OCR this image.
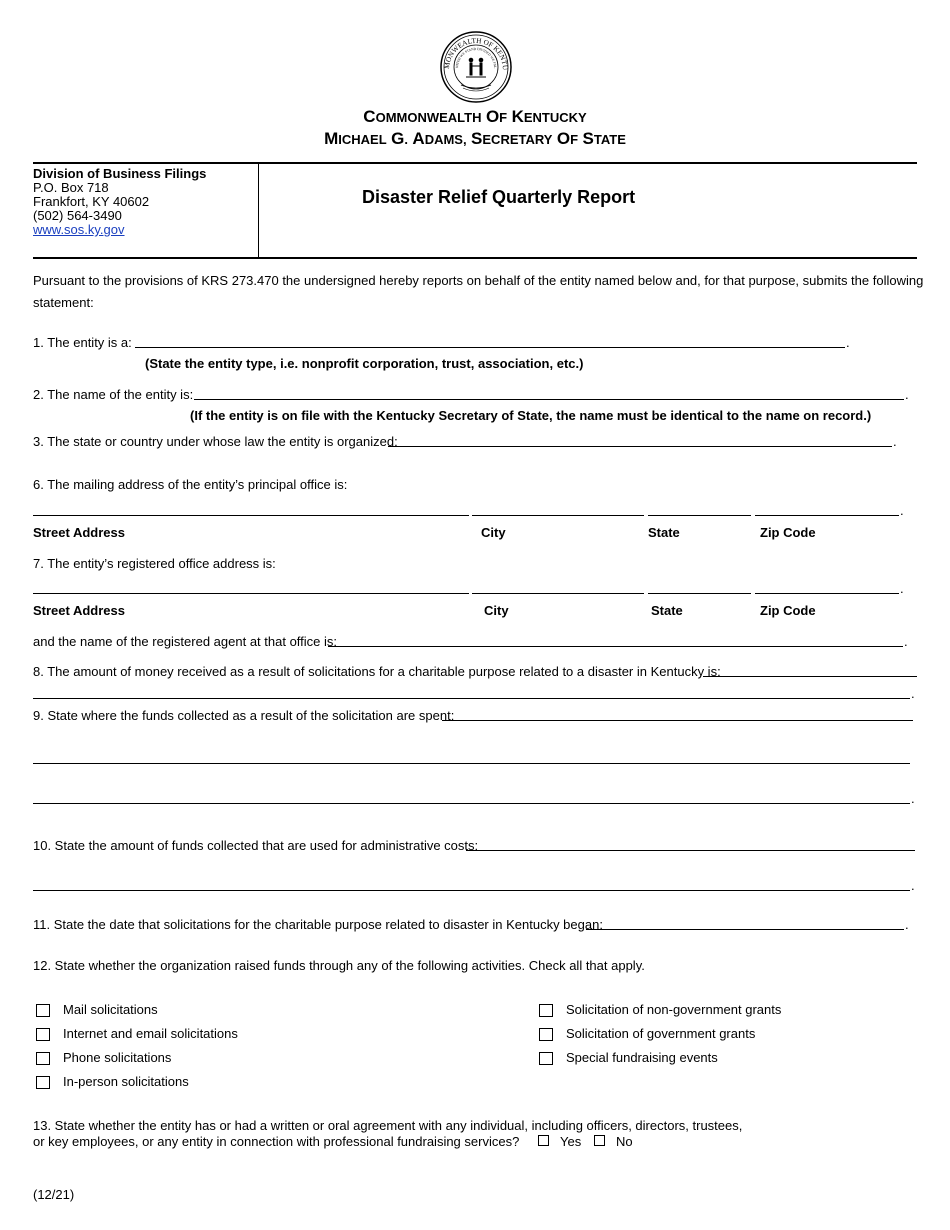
MONWEALTH OF KENTU
NITED WE STAND DIVIDED WE FAL
COMMONWEALTH OF KENTUCKY
MICHAEL G. ADAMS, SECRETARY OF STATE
Division of Business Filings
P.O. Box 718
Frankfort, KY 40602
(502) 564-3490
www.sos.ky.gov
Disaster Relief Quarterly Report
Pursuant to the provisions of KRS 273.470 the undersigned hereby reports on behalf of the entity named below and, for that purpose, submits the following
statement:
1. The entity is a:	.
(State the entity type, i.e. nonprofit corporation, trust, association, etc.)
2. The name of the entity is:	.
(If the entity is on file with the Kentucky Secretary of State, the name must be identical to the name on record.)
3. The state or country under whose law the entity is organized:	.
6. The mailing address of the entity’s principal office is:
.
Street Address	City	State	Zip Code
7. The entity’s registered office address is:
.
Street Address	City	State	Zip Code
and the name of the registered agent at that office is:	.
8. The amount of money received as a result of solicitations for a charitable purpose related to a disaster in Kentucky is:
.
9. State where the funds collected as a result of the solicitation are spent:
.
10. State the amount of funds collected that are used for administrative costs:
.
11. State the date that solicitations for the charitable purpose related to disaster in Kentucky began:	.
12. State whether the organization raised funds through any of the following activities. Check all that apply.
Mail solicitations
Internet and email solicitations
Phone solicitations
In-person solicitations
Solicitation of non-government grants
Solicitation of government grants
Special fundraising events
13. State whether the entity has or had a written or oral agreement with any individual, including officers, directors, trustees,
or key employees, or any entity in connection with professional fundraising services?	Yes	No
(12/21)
